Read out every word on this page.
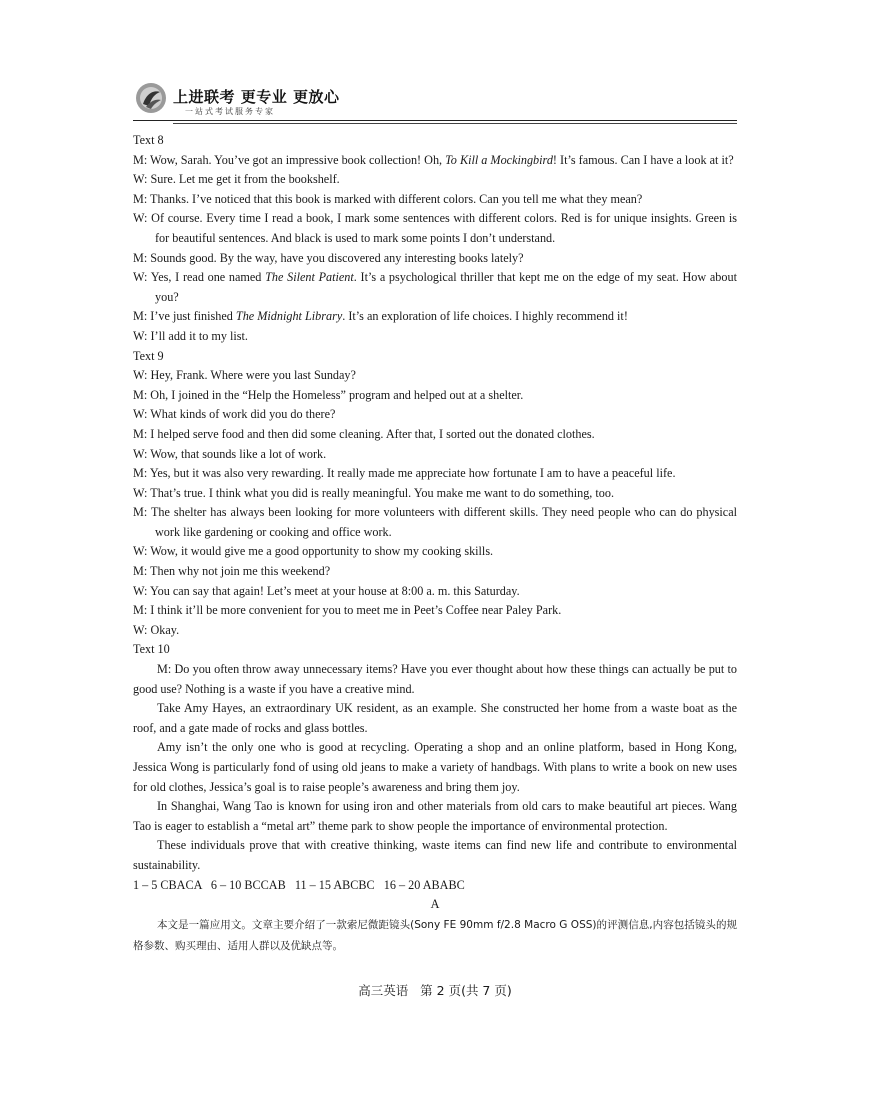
上进联考 更专业 更放心
一站式考试服务专家

Text 8

M: Wow, Sarah. You’ve got an impressive book collection! Oh, To Kill a Mockingbird! It’s famous. Can I have a look at it?

W: Sure. Let me get it from the bookshelf.

M: Thanks. I’ve noticed that this book is marked with different colors. Can you tell me what they mean?

W: Of course. Every time I read a book, I mark some sentences with different colors. Red is for unique insights. Green is for beautiful sentences. And black is used to mark some points I don’t understand.

M: Sounds good. By the way, have you discovered any interesting books lately?

W: Yes, I read one named The Silent Patient. It’s a psychological thriller that kept me on the edge of my seat. How about you?

M: I’ve just finished The Midnight Library. It’s an exploration of life choices. I highly recommend it!

W: I’ll add it to my list.

Text 9

W: Hey, Frank. Where were you last Sunday?

M: Oh, I joined in the “Help the Homeless” program and helped out at a shelter.

W: What kinds of work did you do there?

M: I helped serve food and then did some cleaning. After that, I sorted out the donated clothes.

W: Wow, that sounds like a lot of work.

M: Yes, but it was also very rewarding. It really made me appreciate how fortunate I am to have a peaceful life.

W: That’s true. I think what you did is really meaningful. You make me want to do something, too.

M: The shelter has always been looking for more volunteers with different skills. They need people who can do physical work like gardening or cooking and office work.

W: Wow, it would give me a good opportunity to show my cooking skills.

M: Then why not join me this weekend?

W: You can say that again! Let’s meet at your house at 8:00 a. m. this Saturday.

M: I think it’ll be more convenient for you to meet me in Peet’s Coffee near Paley Park.

W: Okay.

Text 10

M: Do you often throw away unnecessary items? Have you ever thought about how these things can actually be put to good use? Nothing is a waste if you have a creative mind.

Take Amy Hayes, an extraordinary UK resident, as an example. She constructed her home from a waste boat as the roof, and a gate made of rocks and glass bottles.

Amy isn’t the only one who is good at recycling. Operating a shop and an online platform, based in Hong Kong, Jessica Wong is particularly fond of using old jeans to make a variety of handbags. With plans to write a book on new uses for old clothes, Jessica’s goal is to raise people’s awareness and bring them joy.

In Shanghai, Wang Tao is known for using iron and other materials from old cars to make beautiful art pieces. Wang Tao is eager to establish a “metal art” theme park to show people the importance of environmental protection.

These individuals prove that with creative thinking, waste items can find new life and contribute to environmental sustainability.

1 – 5 CBACA   6 – 10 BCCAB   11 – 15 ABCBC   16 – 20 ABABC

A

本文是一篇应用文。文章主要介绍了一款索尼微距镜头(Sony FE 90mm f/2.8 Macro G OSS)的评测信息,内容包括镜头的规格参数、购买理由、适用人群以及优缺点等。

高三英语   第 2 页(共 7 页)
